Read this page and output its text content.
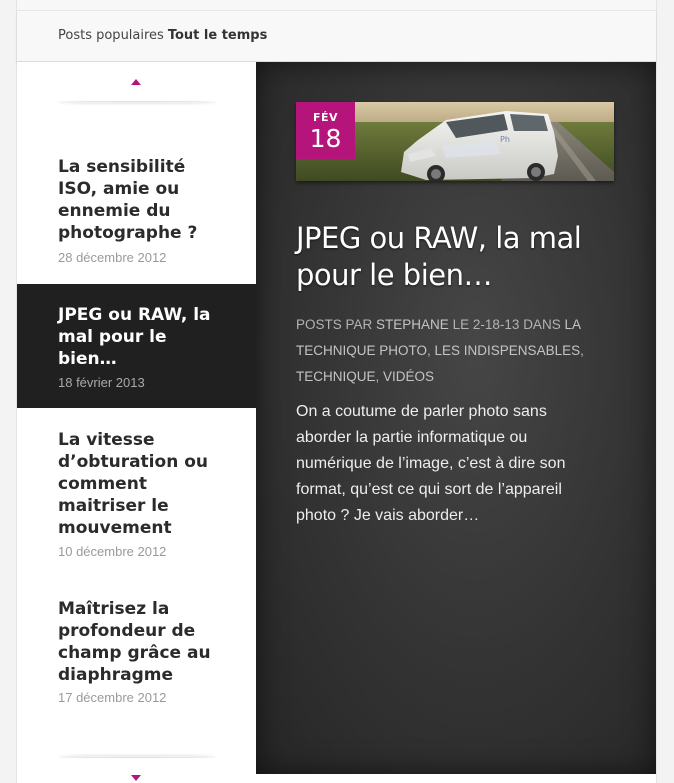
Posts populaires Tout le temps
La sensibilité ISO, amie ou ennemie du photographe ?
28 décembre 2012
JPEG ou RAW, la mal pour le bien…
18 février 2013
La vitesse d’obturation ou comment maitriser le mouvement
10 décembre 2012
Maîtrisez la profondeur de champ grâce au diaphragme
17 décembre 2012
Ph
FÉV
18
JPEG ou RAW, la mal pour le bien…
POSTS PAR STEPHANE LE 2-18-13 DANS LA TECHNIQUE PHOTO, LES INDISPENSABLES, TECHNIQUE, VIDÉOS
On a coutume de parler photo sans aborder la partie informatique ou numérique de l’image, c’est à dire son format, qu’est ce qui sort de l’appareil photo ? Je vais aborder…
